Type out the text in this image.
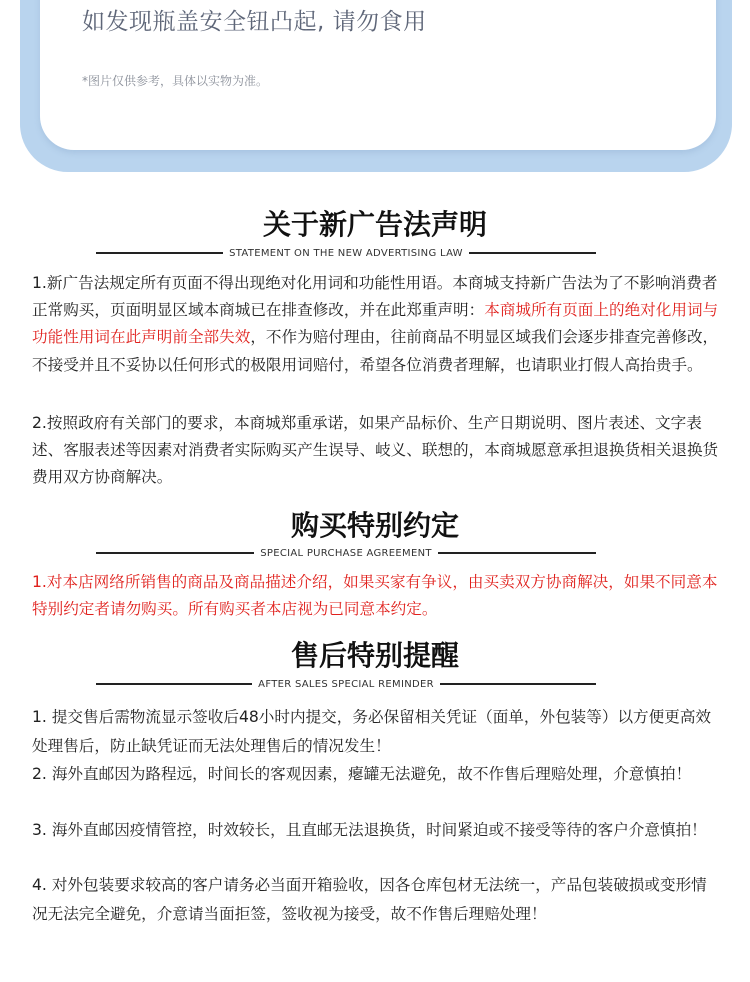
如发现瓶盖安全钮凸起, 请勿食用
*图片仅供参考，具体以实物为准。
关于新广告法声明
STATEMENT ON THE NEW ADVERTISING LAW

1.新广告法规定所有页面不得出现绝对化用词和功能性用语。本商城支持新广告法为了不影响消费者正常购买，页面明显区域本商城已在排查修改，并在此郑重声明：本商城所有页面上的绝对化用词与功能性用词在此声明前全部失效，不作为赔付理由，往前商品不明显区域我们会逐步排查完善修改，不接受并且不妥协以任何形式的极限用词赔付，希望各位消费者理解，也请职业打假人高抬贵手。

2.按照政府有关部门的要求，本商城郑重承诺，如果产品标价、生产日期说明、图片表述、文字表述、客服表述等因素对消费者实际购买产生误导、岐义、联想的，本商城愿意承担退换货相关退换货费用双方协商解决。

购买特别约定
SPECIAL PURCHASE AGREEMENT

1.对本店网络所销售的商品及商品描述介绍，如果买家有争议，由买卖双方协商解决，如果不同意本特别约定者请勿购买。所有购买者本店视为已同意本约定。

售后特别提醒
AFTER SALES SPECIAL REMINDER

1. 提交售后需物流显示签收后48小时内提交，务必保留相关凭证（面单，外包装等）以方便更高效处理售后，防止缺凭证而无法处理售后的情况发生！

2. 海外直邮因为路程远，时间长的客观因素，瘪罐无法避免，故不作售后理赔处理，介意慎拍！

3. 海外直邮因疫情管控，时效较长，且直邮无法退换货，时间紧迫或不接受等待的客户介意慎拍！

4. 对外包装要求较高的客户请务必当面开箱验收，因各仓库包材无法统一，产品包装破损或变形情况无法完全避免，介意请当面拒签，签收视为接受，故不作售后理赔处理！
